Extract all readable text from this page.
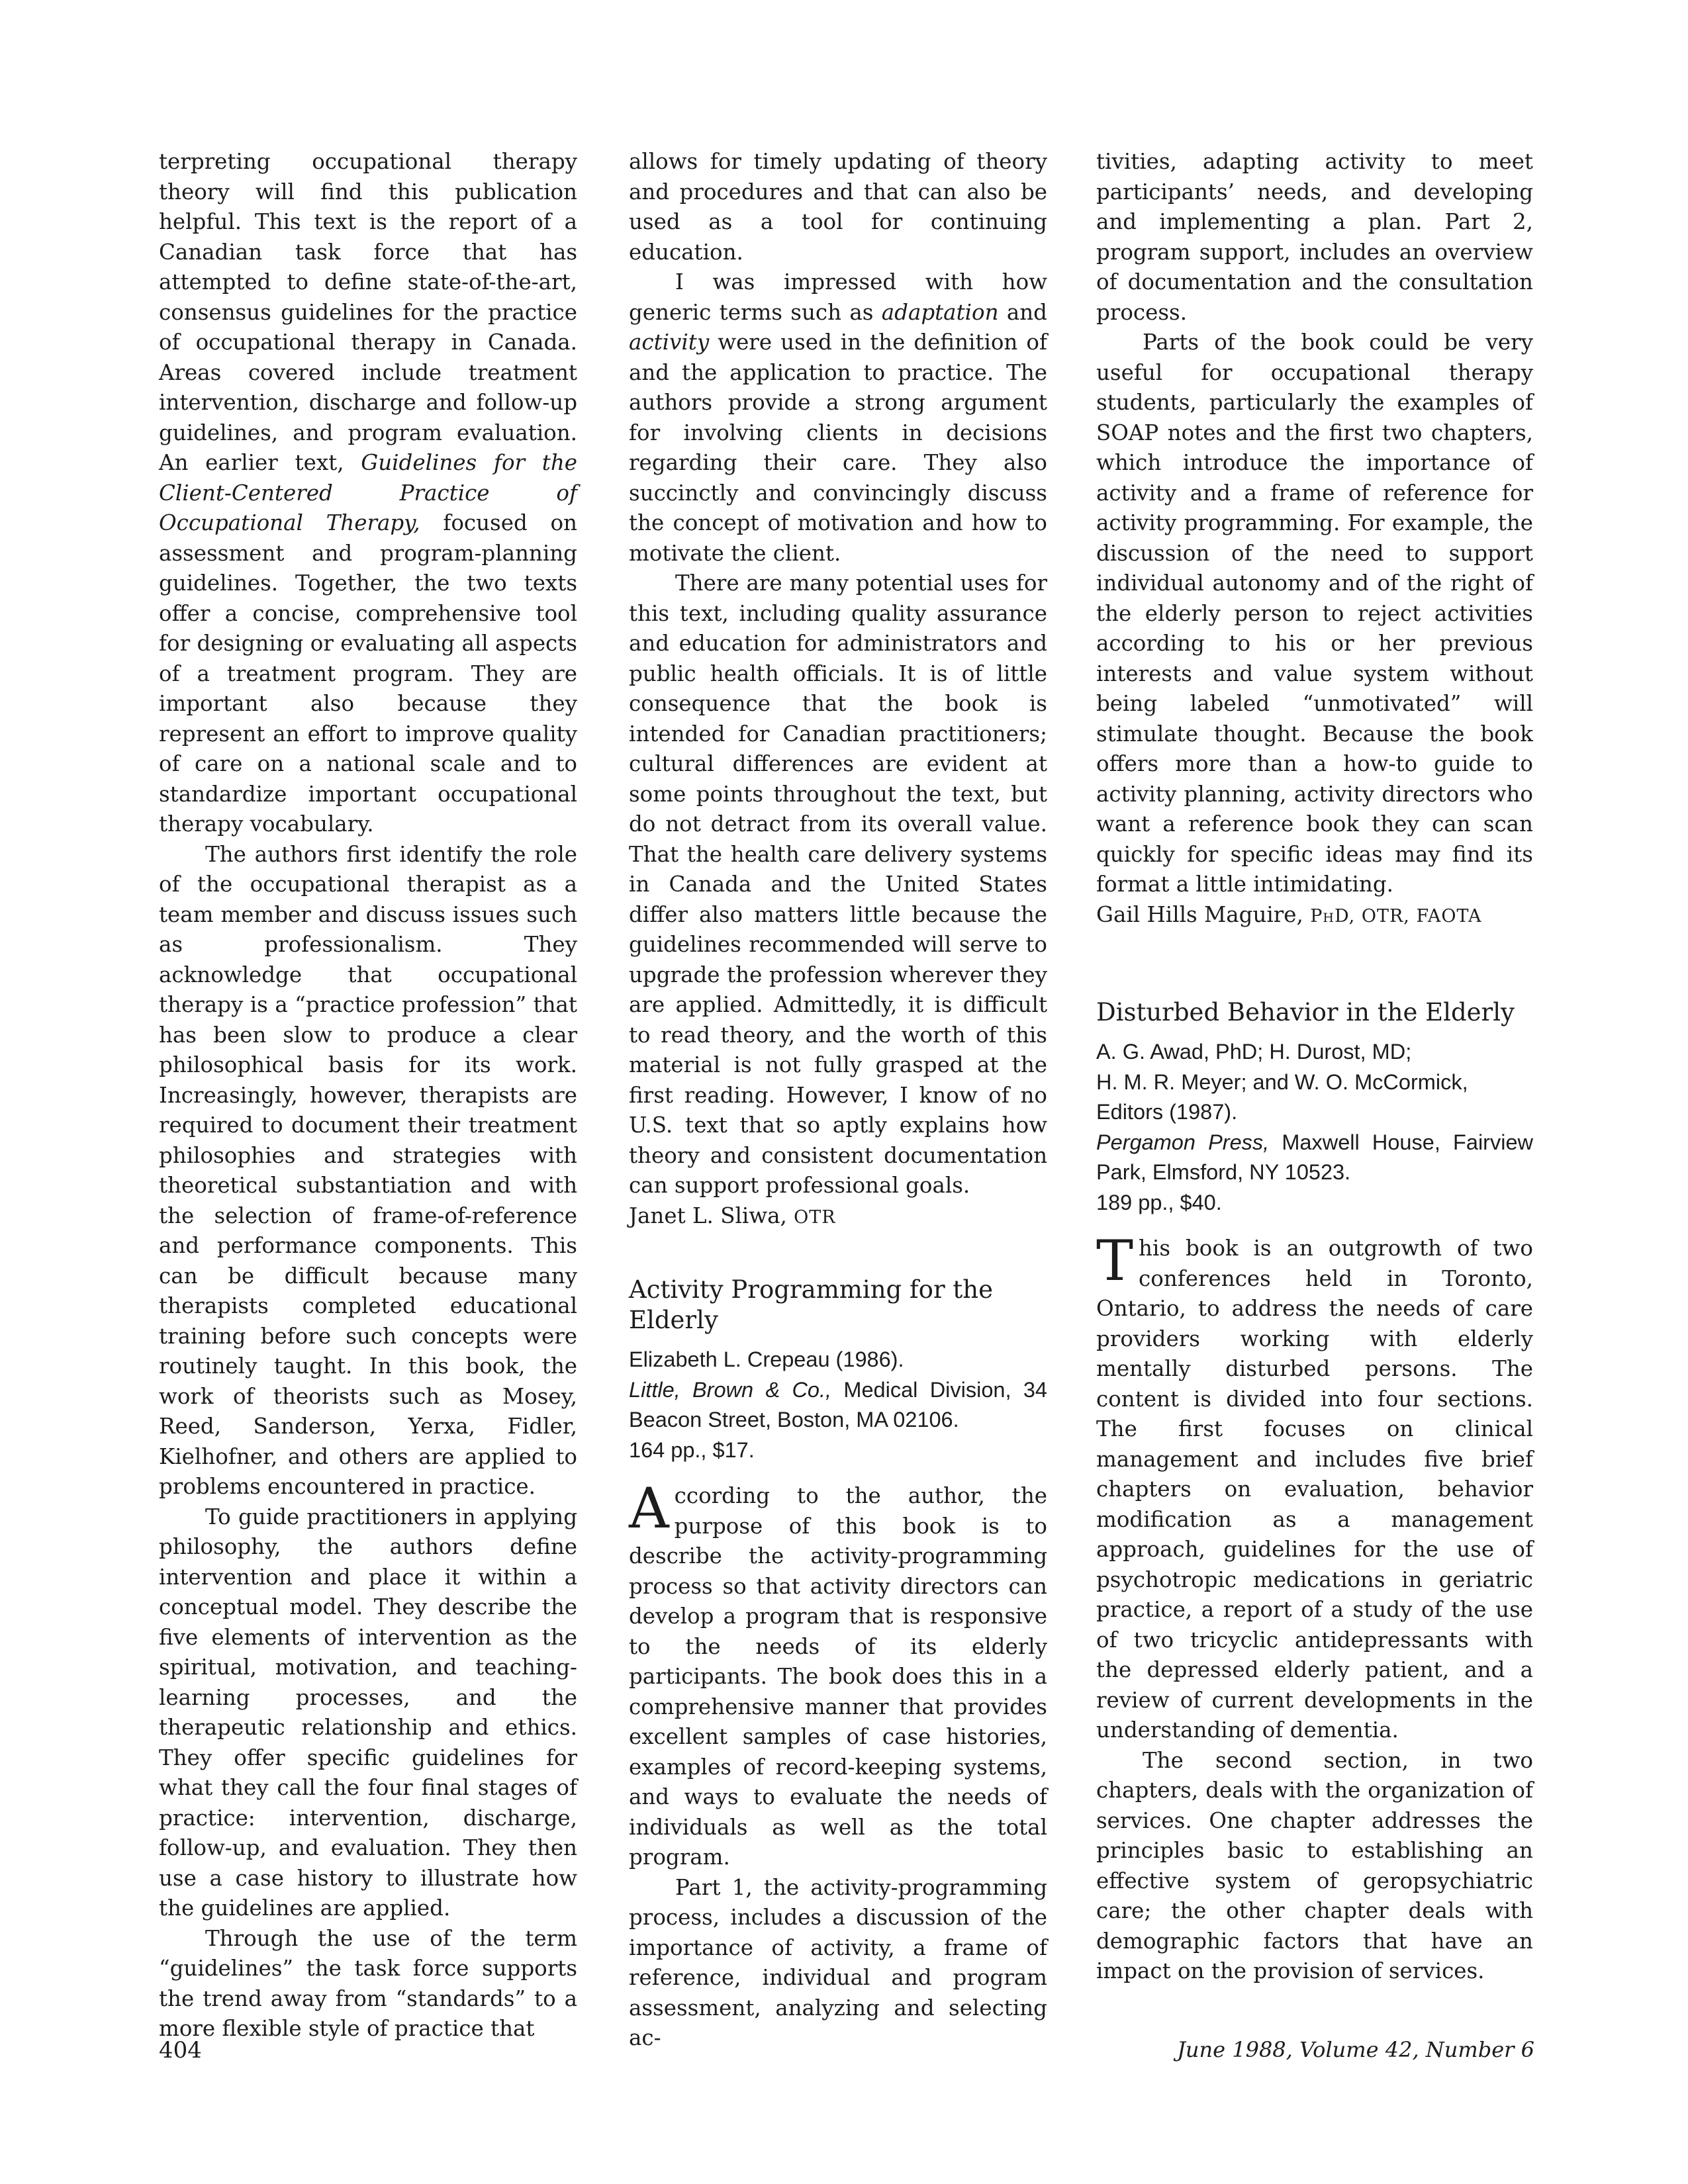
terpreting occupational therapy theory will find this publication helpful. This text is the report of a Canadian task force that has attempted to define state-of-the-art, consensus guidelines for the practice of occupational therapy in Canada. Areas covered include treatment intervention, discharge and follow-up guidelines, and program evaluation. An earlier text, Guidelines for the Client-Centered Practice of Occupational Therapy, focused on assessment and program-planning guidelines. Together, the two texts offer a concise, comprehensive tool for designing or evaluating all aspects of a treatment program. They are important also because they represent an effort to improve quality of care on a national scale and to standardize important occupational therapy vocabulary.

The authors first identify the role of the occupational therapist as a team member and discuss issues such as professionalism. They acknowledge that occupational therapy is a “practice profession” that has been slow to produce a clear philosophical basis for its work. Increasingly, however, therapists are required to document their treatment philosophies and strategies with theoretical substantiation and with the selection of frame-of-reference and performance components. This can be difficult because many therapists completed educational training before such concepts were routinely taught. In this book, the work of theorists such as Mosey, Reed, Sanderson, Yerxa, Fidler, Kielhofner, and others are applied to problems encountered in practice.

To guide practitioners in applying philosophy, the authors define intervention and place it within a conceptual model. They describe the five elements of intervention as the spiritual, motivation, and teaching-learning processes, and the therapeutic relationship and ethics. They offer specific guidelines for what they call the four final stages of practice: intervention, discharge, follow-up, and evaluation. They then use a case history to illustrate how the guidelines are applied.

Through the use of the term “guidelines” the task force supports the trend away from “standards” to a more flexible style of practice that

allows for timely updating of theory and procedures and that can also be used as a tool for continuing education.

I was impressed with how generic terms such as adaptation and activity were used in the definition of and the application to practice. The authors provide a strong argument for involving clients in decisions regarding their care. They also succinctly and convincingly discuss the concept of motivation and how to motivate the client.

There are many potential uses for this text, including quality assurance and education for administrators and public health officials. It is of little consequence that the book is intended for Canadian practitioners; cultural differences are evident at some points throughout the text, but do not detract from its overall value. That the health care delivery systems in Canada and the United States differ also matters little because the guidelines recommended will serve to upgrade the profession wherever they are applied. Admittedly, it is difficult to read theory, and the worth of this material is not fully grasped at the first reading. However, I know of no U.S. text that so aptly explains how theory and consistent documentation can support professional goals.

Janet L. Sliwa, OTR

Activity Programming for the Elderly

Elizabeth L. Crepeau (1986).

Little, Brown & Co., Medical Division, 34 Beacon Street, Boston, MA 02106.

164 pp., $17.

According to the author, the purpose of this book is to describe the activity-programming process so that activity directors can develop a program that is responsive to the needs of its elderly participants. The book does this in a comprehensive manner that provides excellent samples of case histories, examples of record-keeping systems, and ways to evaluate the needs of individuals as well as the total program.

Part 1, the activity-programming process, includes a discussion of the importance of activity, a frame of reference, individual and program assessment, analyzing and selecting ac-

tivities, adapting activity to meet participants’ needs, and developing and implementing a plan. Part 2, program support, includes an overview of documentation and the consultation process.

Parts of the book could be very useful for occupational therapy students, particularly the examples of SOAP notes and the first two chapters, which introduce the importance of activity and a frame of reference for activity programming. For example, the discussion of the need to support individual autonomy and of the right of the elderly person to reject activities according to his or her previous interests and value system without being labeled “unmotivated” will stimulate thought. Because the book offers more than a how-to guide to activity planning, activity directors who want a reference book they can scan quickly for specific ideas may find its format a little intimidating.

Gail Hills Maguire, PhD, OTR, FAOTA

Disturbed Behavior in the Elderly

A. G. Awad, PhD; H. Durost, MD;

H. M. R. Meyer; and W. O. McCormick,

Editors (1987).

Pergamon Press, Maxwell House, Fairview Park, Elmsford, NY 10523.

189 pp., $40.

This book is an outgrowth of two conferences held in Toronto, Ontario, to address the needs of care providers working with elderly mentally disturbed persons. The content is divided into four sections. The first focuses on clinical management and includes five brief chapters on evaluation, behavior modification as a management approach, guidelines for the use of psychotropic medications in geriatric practice, a report of a study of the use of two tricyclic antidepressants with the depressed elderly patient, and a review of current developments in the understanding of dementia.

The second section, in two chapters, deals with the organization of services. One chapter addresses the principles basic to establishing an effective system of geropsychiatric care; the other chapter deals with demographic factors that have an impact on the provision of services.

404	June 1988, Volume 42, Number 6
